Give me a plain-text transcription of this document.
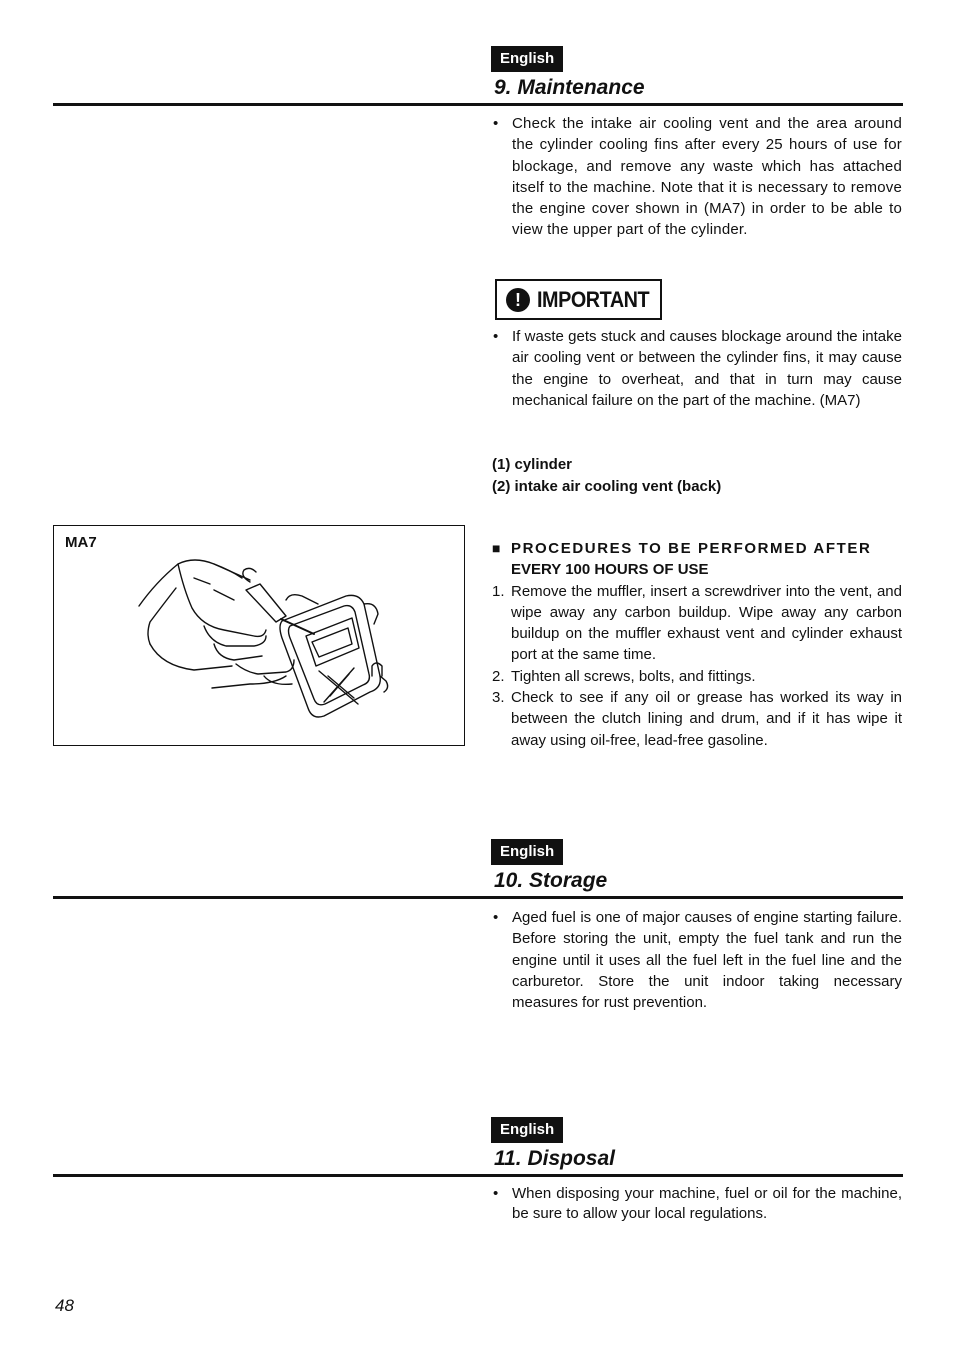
English
9. Maintenance
• Check the intake air cooling vent and the area around the cylinder cooling fins after every 25 hours of use for blockage, and remove any waste which has attached itself to the machine. Note that it is necessary to remove the engine cover shown in (MA7) in order to be able to view the upper part of the cylinder.
! IMPORTANT
• If waste gets stuck and causes blockage around the intake air cooling vent or between the cylinder fins, it may cause the engine to overheat, and that in turn may cause mechanical failure on the part of the machine. (MA7)
(1) cylinder
(2) intake air cooling vent (back)
MA7	■ PROCEDURES TO BE PERFORMED AFTER
EVERY 100 HOURS OF USE
1. Remove the muffler, insert a screwdriver into the vent, and wipe away any carbon buildup. Wipe away any carbon buildup on the muffler exhaust vent and cylinder exhaust port at the same time.
2. Tighten all screws, bolts, and fittings.
3. Check to see if any oil or grease has worked its way in between the clutch lining and drum, and if it has wipe it away using oil-free, lead-free gasoline.
English
10. Storage
• Aged fuel is one of major causes of engine starting failure. Before storing the unit, empty the fuel tank and run the engine until it uses all the fuel left in the fuel line and the carburetor. Store the unit indoor taking necessary measures for rust prevention.
English
11. Disposal
• When disposing your machine, fuel or oil for the machine, be sure to allow your local regulations.
48
